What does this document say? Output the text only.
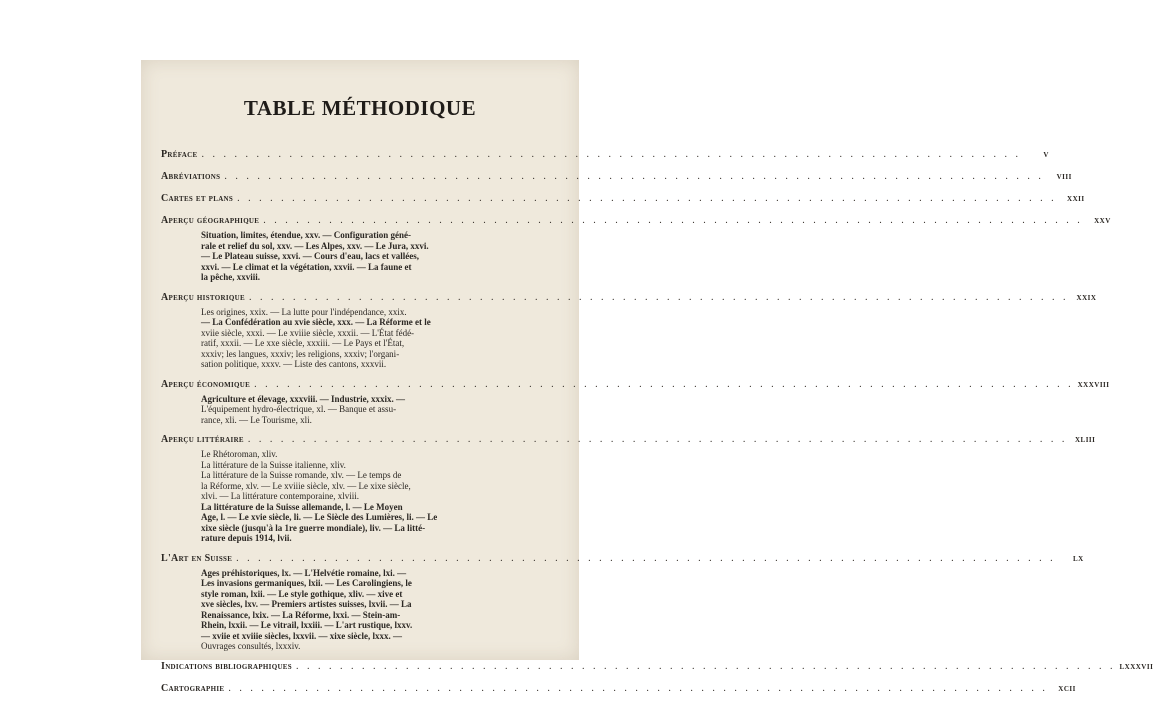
TABLE MÉTHODIQUE
Préface . . .	v
Abréviations . . .	viii
Cartes et plans . . .	xxii
Aperçu géographique . . .	xxv
Situation, limites, étendue, xxv. — Configuration géné-
rale et relief du sol, xxv. — Les Alpes, xxv. — Le Jura, xxvi.
— Le Plateau suisse, xxvi. — Cours d'eau, lacs et vallées,
xxvi. — Le climat et la végétation, xxvii. — La faune et
la pêche, xxviii.
Aperçu historique . . .	xxix
Les origines, xxix. — La lutte pour l'indépendance, xxix.
— La Confédération au xvie siècle, xxx. — La Réforme et le
xviie siècle, xxxi. — Le xviiie siècle, xxxii. — L'État fédé-
ratif, xxxii. — Le xxe siècle, xxxiii. — Le Pays et l'État,
xxxiv; les langues, xxxiv; les religions, xxxiv; l'organi-
sation politique, xxxv. — Liste des cantons, xxxvii.
Aperçu économique . . .	xxxviii
Agriculture et élevage, xxxviii. — Industrie, xxxix. —
L'équipement hydro-électrique, xl. — Banque et assu-
rance, xli. — Le Tourisme, xli.
Aperçu littéraire . . .	xliii
Le Rhétoroman, xliv.
La littérature de la Suisse italienne, xliv.
La littérature de la Suisse romande, xlv. — Le temps de
la Réforme, xlv. — Le xviiie siècle, xlv. — Le xixe siècle,
xlvi. — La littérature contemporaine, xlviii.
La littérature de la Suisse allemande, l. — Le Moyen
Age, l. — Le xvie siècle, li. — Le Siècle des Lumières, li. — Le
xixe siècle (jusqu'à la 1re guerre mondiale), liv. — La litté-
rature depuis 1914, lvii.
L'Art en Suisse . . .	lx
Ages préhistoriques, lx. — L'Helvétie romaine, lxi. —
Les invasions germaniques, lxii. — Les Carolingiens, le
style roman, lxii. — Le style gothique, xliv. — xive et
xve siècles, lxv. — Premiers artistes suisses, lxvii. — La
Renaissance, lxix. — La Réforme, lxxi. — Stein-am-
Rhein, lxxii. — Le vitrail, lxxiii. — L'art rustique, lxxv.
— xviie et xviiie siècles, lxxvii. — xixe siècle, lxxx. —
Ouvrages consultés, lxxxiv.
Indications bibliographiques . . .	lxxxvii
Cartographie . . .	xcii
